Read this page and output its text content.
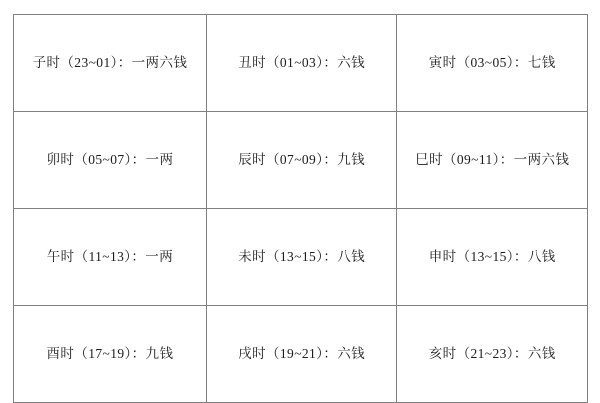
子时（23~01）：一两六钱	丑时（01~03）：六钱	寅时（03~05）：七钱
卯时（05~07）：一两	辰时（07~09）：九钱	巳时（09~11）：一两六钱
午时（11~13）：一两	未时（13~15）：八钱	申时（13~15）：八钱
酉时（17~19）：九钱	戌时（19~21）：六钱	亥时（21~23）：六钱
